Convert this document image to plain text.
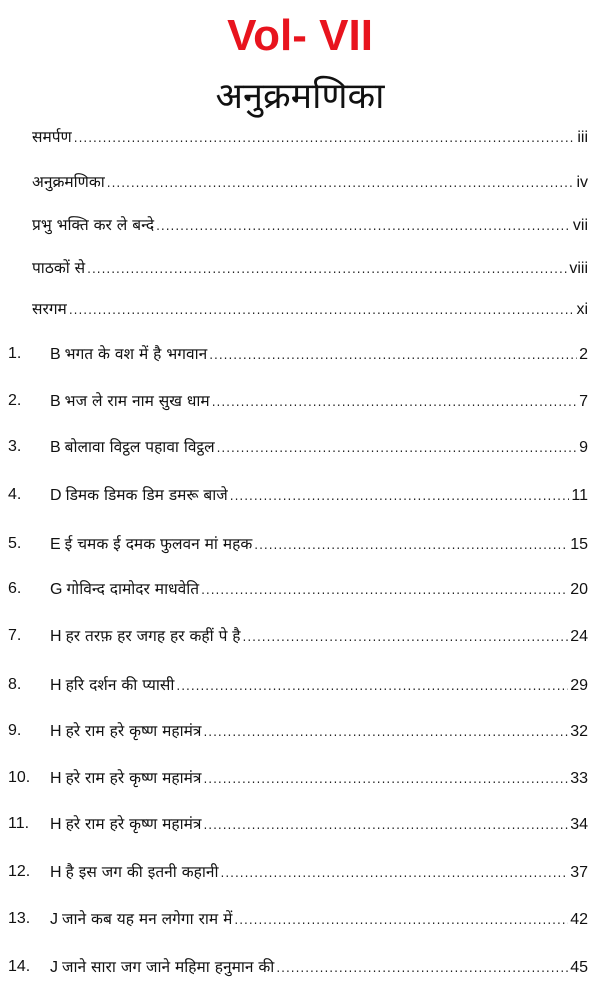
Vol- VII
अनुक्रमणिका
समर्पण .....	iii
अनुक्रमणिका .....	iv
प्रभु भक्ति कर ले बन्दे .....	vii
पाठकों से .....	viii
सरगम .....	xi
1.	B भगत के वश में है भगवान .....	2
2.	B भज ले राम नाम सुख धाम .....	7
3.	B बोलावा विट्ठल पहावा विट्ठल .....	9
4.	D डिमक डिमक डिम डमरू बाजे .....	11
5.	E ई चमक ई दमक फुलवन मां महक .....	15
6.	G गोविन्द दामोदर माधवेति .....	20
7.	H हर तरफ़ हर जगह हर कहीं पे है .....	24
8.	H हरि दर्शन की प्यासी .....	29
9.	H हरे राम हरे कृष्ण महामंत्र .....	32
10.	H हरे राम हरे कृष्ण महामंत्र .....	33
11.	H हरे राम हरे कृष्ण महामंत्र .....	34
12.	H है इस जग की इतनी कहानी .....	37
13.	J जाने कब यह मन लगेगा राम में .....	42
14.	J जाने सारा जग जाने महिमा हनुमान की .....	45
